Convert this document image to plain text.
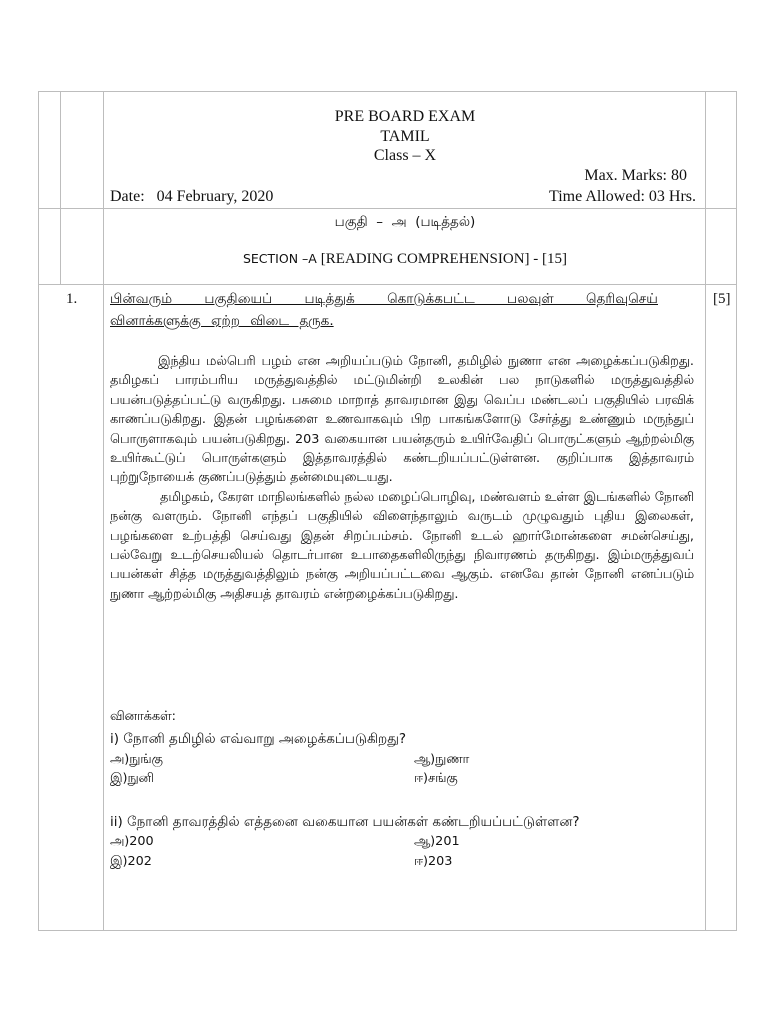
PRE BOARD EXAM
TAMIL
Class – X
Max. Marks: 80
Date:   04 February, 2020	Time Allowed: 03 Hrs.
பகுதி  –  அ  (படித்தல்)
SECTION –A [READING COMPREHENSION] - [15]
1.	[5]
பின்வரும் பகுதியைப் படித்துக் கொடுக்கபட்ட பலவுள் தெரிவுசெய்
வினாக்களுக்கு ஏற்ற விடை தருக.

இந்திய மல்பெரி பழம் என அறியப்படும் நோனி, தமிழில் நுணா என அழைக்கப்படுகிறது. தமிழகப் பாரம்பரிய மருத்துவத்தில் மட்டுமின்றி உலகின் பல நாடுகளில் மருத்துவத்தில் பயன்படுத்தப்பட்டு வருகிறது. பசுமை மாறாத் தாவரமான இது வெப்ப மண்டலப் பகுதியில் பரவிக் காணப்படுகிறது. இதன் பழங்களை உணவாகவும் பிற பாகங்களோடு சேர்த்து உண்ணும் மருந்துப் பொருளாகவும் பயன்படுகிறது. 203 வகையான பயன்தரும் உயிர்வேதிப் பொருட்களும் ஆற்றல்மிகு உயிர்கூட்டுப் பொருள்களும் இத்தாவரத்தில் கண்டறியப்பட்டுள்ளன. குறிப்பாக இத்தாவரம் புற்றுநோயைக் குணப்படுத்தும் தன்மையுடையது.

தமிழகம், கேரள மாநிலங்களில் நல்ல மழைப்பொழிவு, மண்வளம் உள்ள இடங்களில் நோனி நன்கு வளரும். நோனி எந்தப் பகுதியில் விளைந்தாலும் வருடம் முழுவதும் புதிய இலைகள், பழங்களை உற்பத்தி செய்வது இதன் சிறப்பம்சம். நோனி உடல் ஹார்மோன்களை சமன்செய்து, பல்வேறு உடற்செயலியல் தொடர்பான உபாதைகளிலிருந்து நிவாரணம் தருகிறது. இம்மருத்துவப் பயன்கள் சித்த மருத்துவத்திலும் நன்கு அறியப்பட்டவை ஆகும். எனவே தான் நோனி எனப்படும் நுணா ஆற்றல்மிகு அதிசயத் தாவரம் என்றழைக்கப்படுகிறது.

வினாக்கள்:
i) நோனி தமிழில் எவ்வாறு அழைக்கப்படுகிறது?
அ)நுங்கு	ஆ)நுணா
இ)நுனி	ஈ)சங்கு
ii) நோனி தாவரத்தில் எத்தனை வகையான பயன்கள் கண்டறியப்பட்டுள்ளன?
அ)200	ஆ)201
இ)202	ஈ)203
